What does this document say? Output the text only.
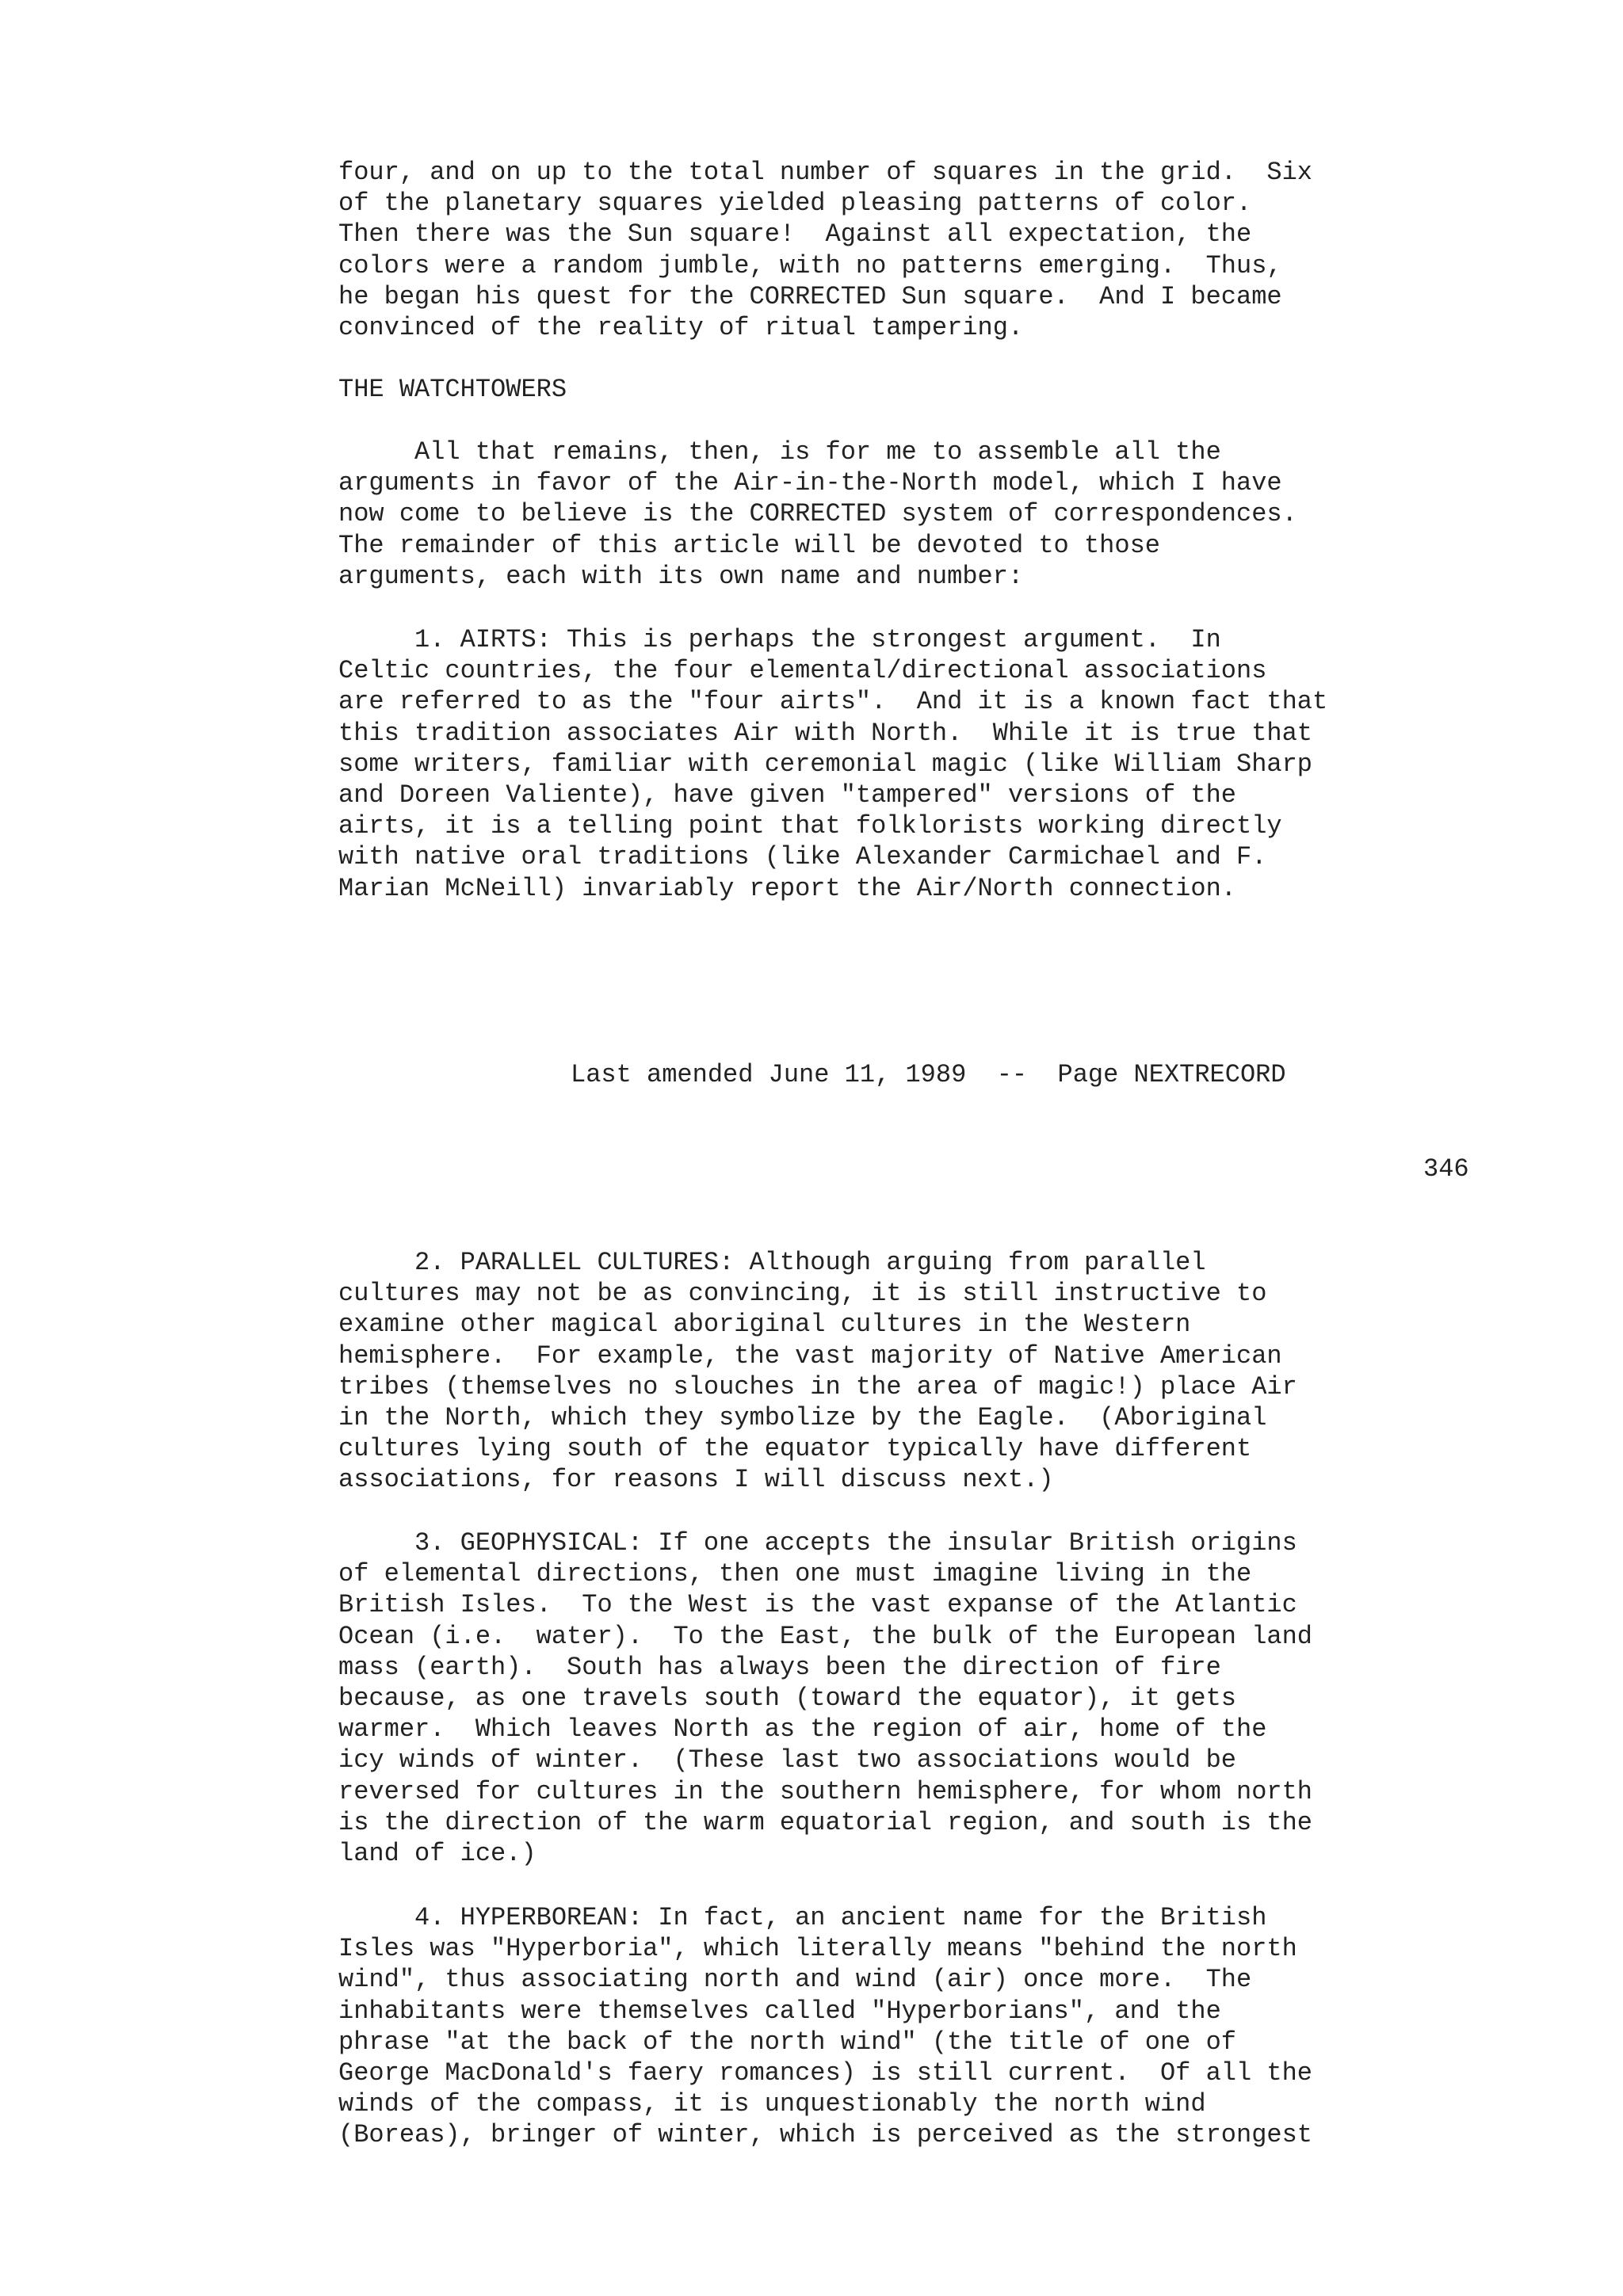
four, and on up to the total number of squares in the grid.  Six
of the planetary squares yielded pleasing patterns of color.
Then there was the Sun square!  Against all expectation, the
colors were a random jumble, with no patterns emerging.  Thus,
he began his quest for the CORRECTED Sun square.  And I became
convinced of the reality of ritual tampering.

THE WATCHTOWERS

All that remains, then, is for me to assemble all the
arguments in favor of the Air-in-the-North model, which I have
now come to believe is the CORRECTED system of correspondences.
The remainder of this article will be devoted to those
arguments, each with its own name and number:

1. AIRTS: This is perhaps the strongest argument.  In
Celtic countries, the four elemental/directional associations
are referred to as the "four airts".  And it is a known fact that
this tradition associates Air with North.  While it is true that
some writers, familiar with ceremonial magic (like William Sharp
and Doreen Valiente), have given "tampered" versions of the
airts, it is a telling point that folklorists working directly
with native oral traditions (like Alexander Carmichael and F.
Marian McNeill) invariably report the Air/North connection.

Last amended June 11, 1989  --  Page NEXTRECORD

346

2. PARALLEL CULTURES: Although arguing from parallel
cultures may not be as convincing, it is still instructive to
examine other magical aboriginal cultures in the Western
hemisphere.  For example, the vast majority of Native American
tribes (themselves no slouches in the area of magic!) place Air
in the North, which they symbolize by the Eagle.  (Aboriginal
cultures lying south of the equator typically have different
associations, for reasons I will discuss next.)

3. GEOPHYSICAL: If one accepts the insular British origins
of elemental directions, then one must imagine living in the
British Isles.  To the West is the vast expanse of the Atlantic
Ocean (i.e.  water).  To the East, the bulk of the European land
mass (earth).  South has always been the direction of fire
because, as one travels south (toward the equator), it gets
warmer.  Which leaves North as the region of air, home of the
icy winds of winter.  (These last two associations would be
reversed for cultures in the southern hemisphere, for whom north
is the direction of the warm equatorial region, and south is the
land of ice.)

4. HYPERBOREAN: In fact, an ancient name for the British
Isles was "Hyperboria", which literally means "behind the north
wind", thus associating north and wind (air) once more.  The
inhabitants were themselves called "Hyperborians", and the
phrase "at the back of the north wind" (the title of one of
George MacDonald's faery romances) is still current.  Of all the
winds of the compass, it is unquestionably the north wind
(Boreas), bringer of winter, which is perceived as the strongest
